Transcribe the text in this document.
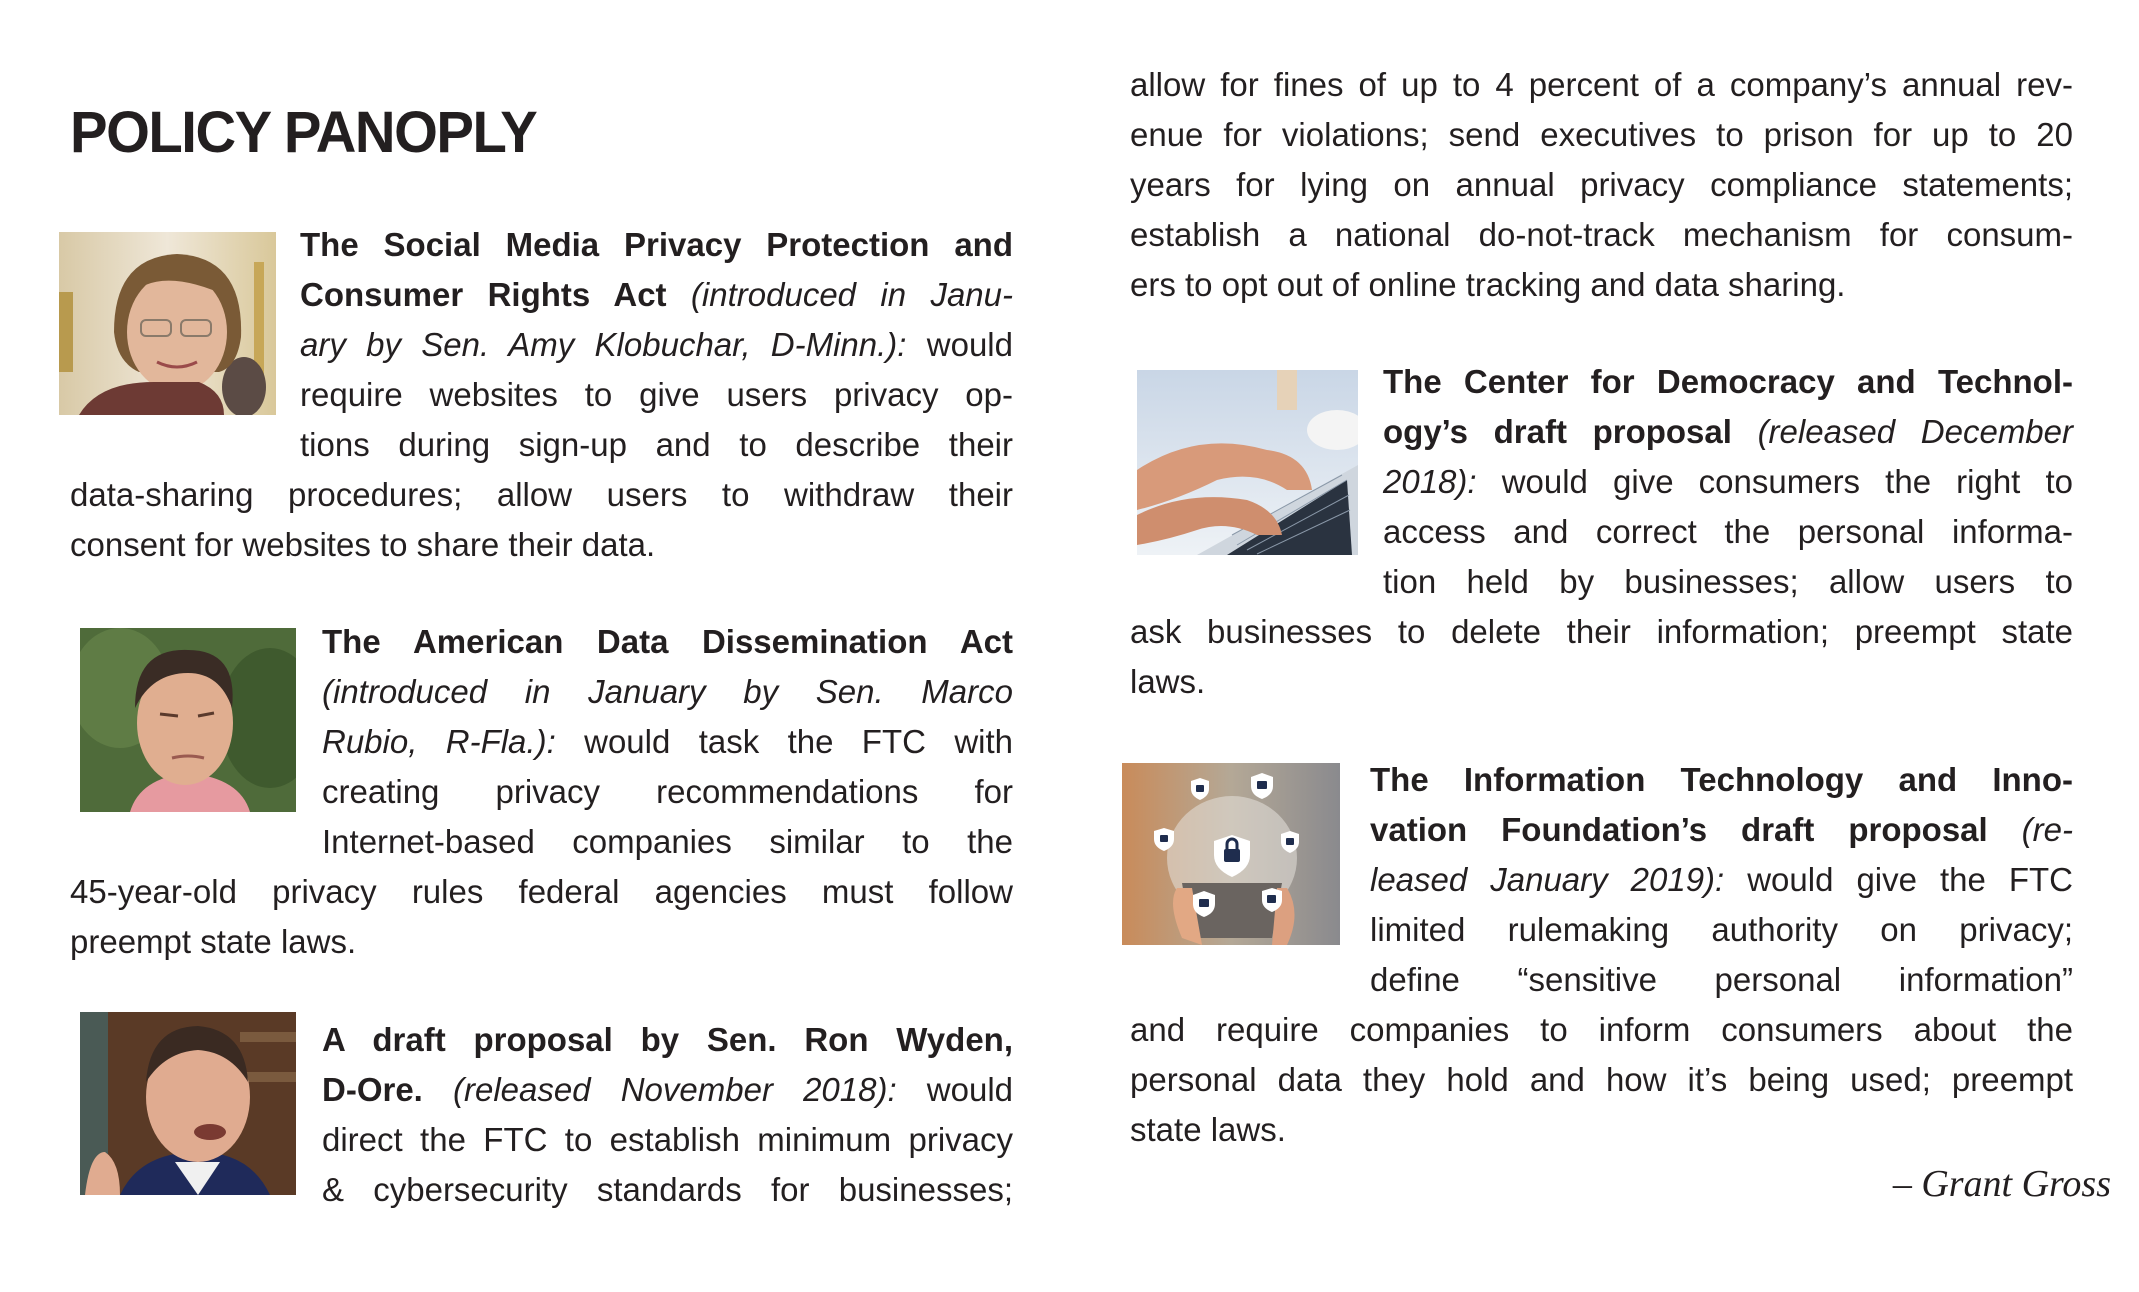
POLICY PANOPLY
The Social Media Privacy Protection and
Consumer Rights Act (introduced in Janu-
ary by Sen. Amy Klobuchar, D-Minn.): would
require websites to give users privacy op-
tions during sign-up and to describe their
data-sharing procedures; allow users to withdraw their
consent for websites to share their data.
The American Data Dissemination Act
(introduced in January by Sen. Marco
Rubio, R-Fla.): would task the FTC with
creating privacy recommendations for
Internet-based companies similar to the
45-year-old privacy rules federal agencies must follow
preempt state laws.
A draft proposal by Sen. Ron Wyden,
D-Ore. (released November 2018): would
direct the FTC to establish minimum privacy
& cybersecurity standards for businesses;
allow for fines of up to 4 percent of a company’s annual rev-
enue for violations; send executives to prison for up to 20
years for lying on annual privacy compliance statements;
establish a national do-not-track mechanism for consum-
ers to opt out of online tracking and data sharing.
The Center for Democracy and Technol-
ogy’s draft proposal (released December
2018): would give consumers the right to
access and correct the personal informa-
tion held by businesses; allow users to
ask businesses to delete their information; preempt state
laws.
The Information Technology and Inno-
vation Foundation’s draft proposal (re-
leased January 2019): would give the FTC
limited rulemaking authority on privacy;
define “sensitive personal information”
and require companies to inform consumers about the
personal data they hold and how it’s being used; preempt
state laws.
– Grant Gross
